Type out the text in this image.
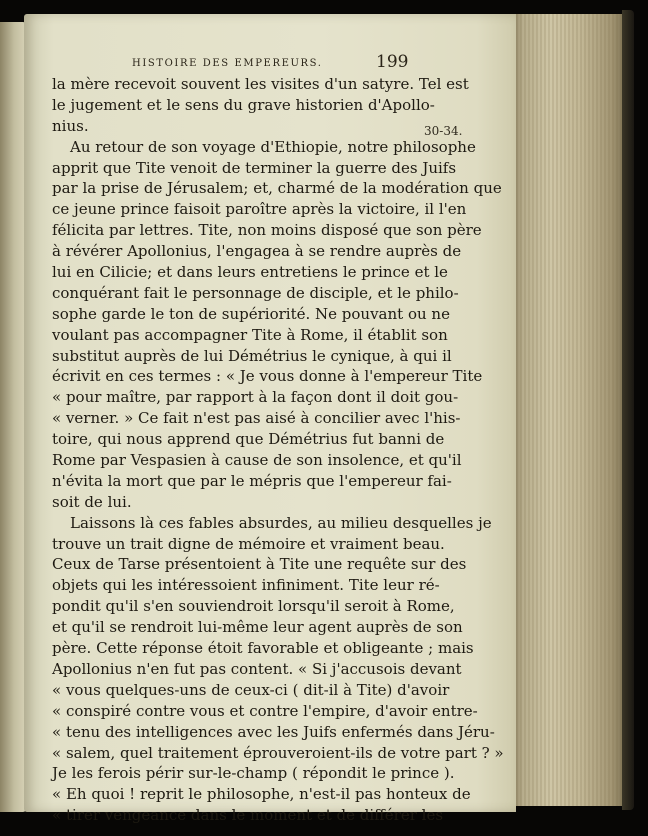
HISTOIRE DES EMPEREURS.	199
30-34.
la mère recevoit souvent les visites d'un satyre. Tel est
le jugement et le sens du grave historien d'Apollo-
nius.
Au retour de son voyage d'Ethiopie, notre philosophe
apprit que Tite venoit de terminer la guerre des Juifs
par la prise de Jérusalem; et, charmé de la modération que
ce jeune prince faisoit paroître après la victoire, il l'en
félicita par lettres. Tite, non moins disposé que son père
à révérer Apollonius, l'engagea à se rendre auprès de
lui en Cilicie; et dans leurs entretiens le prince et le
conquérant fait le personnage de disciple, et le philo-
sophe garde le ton de supériorité. Ne pouvant ou ne
voulant pas accompagner Tite à Rome, il établit son
substitut auprès de lui Démétrius le cynique, à qui il
écrivit en ces termes : « Je vous donne à l'empereur Tite
« pour maître, par rapport à la façon dont il doit gou-
« verner. » Ce fait n'est pas aisé à concilier avec l'his-
toire, qui nous apprend que Démétrius fut banni de
Rome par Vespasien à cause de son insolence, et qu'il
n'évita la mort que par le mépris que l'empereur fai-
soit de lui.
Laissons là ces fables absurdes, au milieu desquelles je
trouve un trait digne de mémoire et vraiment beau.
Ceux de Tarse présentoient à Tite une requête sur des
objets qui les intéressoient infiniment. Tite leur ré-
pondit qu'il s'en souviendroit lorsqu'il seroit à Rome,
et qu'il se rendroit lui-même leur agent auprès de son
père. Cette réponse étoit favorable et obligeante ; mais
Apollonius n'en fut pas content. « Si j'accusois devant
« vous quelques-uns de ceux-ci ( dit-il à Tite) d'avoir
« conspiré contre vous et contre l'empire, d'avoir entre-
« tenu des intelligences avec les Juifs enfermés dans Jéru-
« salem, quel traitement éprouveroient-ils de votre part ? »
Je les ferois périr sur-le-champ ( répondit le prince ).
« Eh quoi ! reprit le philosophe, n'est-il pas honteux de
« tirer vengeance dans le moment et de différer les
